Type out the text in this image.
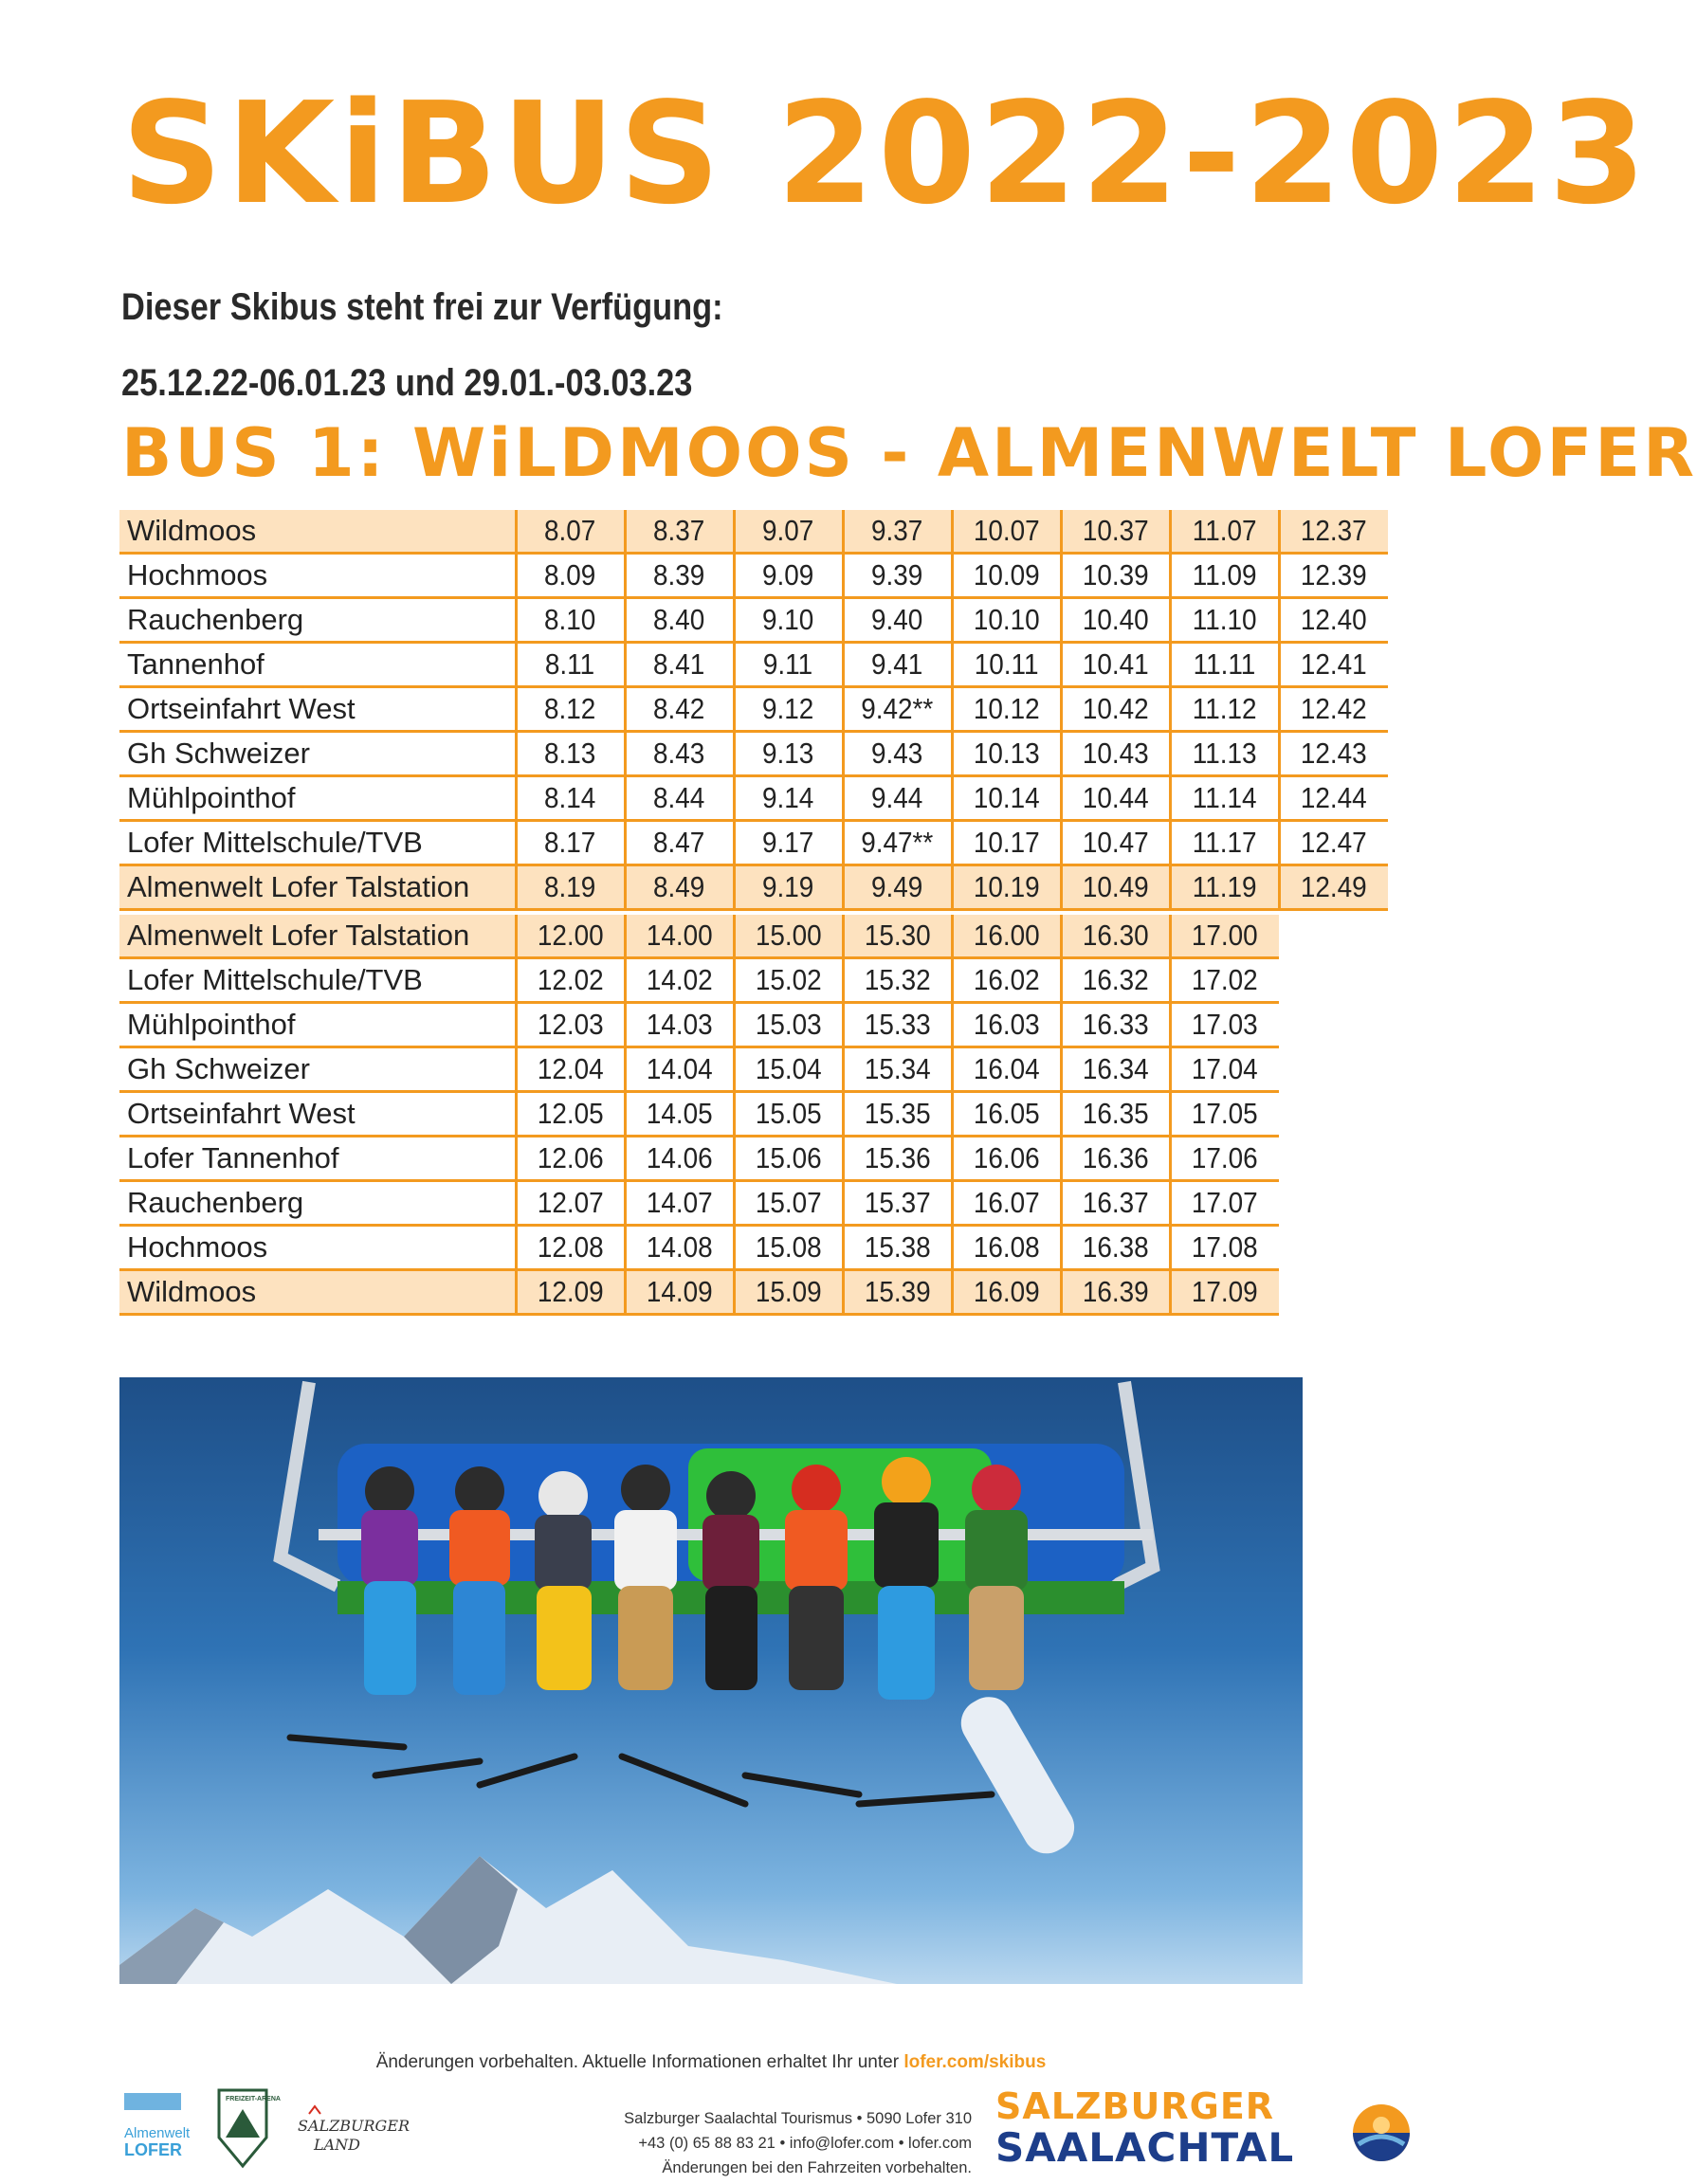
SKiBUS 2022-2023
Dieser Skibus steht frei zur Verfügung:
25.12.22-06.01.23 und 29.01.-03.03.23
BUS 1: WiLDMOOS - ALMENWELT LOFER
Wildmoos	8.07	8.37	9.07	9.37	10.07	10.37	11.07	12.37
Hochmoos	8.09	8.39	9.09	9.39	10.09	10.39	11.09	12.39
Rauchenberg	8.10	8.40	9.10	9.40	10.10	10.40	11.10	12.40
Tannenhof	8.11	8.41	9.11	9.41	10.11	10.41	11.11	12.41
Ortseinfahrt West	8.12	8.42	9.12	9.42**	10.12	10.42	11.12	12.42
Gh Schweizer	8.13	8.43	9.13	9.43	10.13	10.43	11.13	12.43
Mühlpointhof	8.14	8.44	9.14	9.44	10.14	10.44	11.14	12.44
Lofer Mittelschule/TVB	8.17	8.47	9.17	9.47**	10.17	10.47	11.17	12.47
Almenwelt Lofer Talstation	8.19	8.49	9.19	9.49	10.19	10.49	11.19	12.49
Almenwelt Lofer Talstation	12.00	14.00	15.00	15.30	16.00	16.30	17.00
Lofer Mittelschule/TVB	12.02	14.02	15.02	15.32	16.02	16.32	17.02
Mühlpointhof	12.03	14.03	15.03	15.33	16.03	16.33	17.03
Gh Schweizer	12.04	14.04	15.04	15.34	16.04	16.34	17.04
Ortseinfahrt West	12.05	14.05	15.05	15.35	16.05	16.35	17.05
Lofer Tannenhof	12.06	14.06	15.06	15.36	16.06	16.36	17.06
Rauchenberg	12.07	14.07	15.07	15.37	16.07	16.37	17.07
Hochmoos	12.08	14.08	15.08	15.38	16.08	16.38	17.08
Wildmoos	12.09	14.09	15.09	15.39	16.09	16.39	17.09
Änderungen vorbehalten. Aktuelle Informationen erhaltet Ihr unter lofer.com/skibus
Almenwelt
LOFER
FREIZEIT-ARENA
SALZBURGER
LAND
Salzburger Saalachtal Tourismus • 5090 Lofer 310
+43 (0) 65 88 83 21 • info@lofer.com • lofer.com
Änderungen bei den Fahrzeiten vorbehalten.
SALZBURGER
SAALACHTAL
